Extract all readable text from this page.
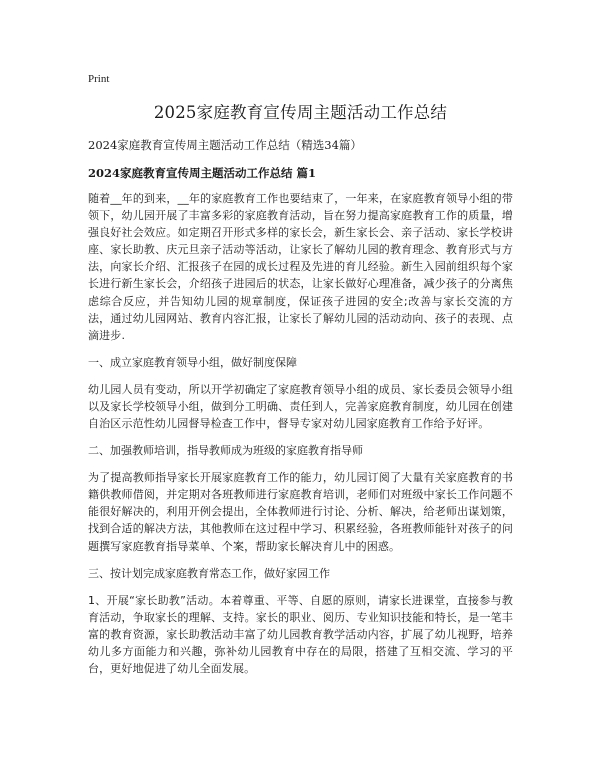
Print
2025家庭教育宣传周主题活动工作总结
2024家庭教育宣传周主题活动工作总结（精选34篇）
2024家庭教育宣传周主题活动工作总结 篇1

随着__年的到来，__年的家庭教育工作也要结束了，一年来，在家庭教育领导小组的带领下，幼儿园开展了丰富多彩的家庭教育活动，旨在努力提高家庭教育工作的质量，增强良好社会效应。如定期召开形式多样的家长会，新生家长会、亲子活动、家长学校讲座、家长助教、庆元旦亲子活动等活动，让家长了解幼儿园的教育理念、教育形式与方法，向家长介绍、汇报孩子在园的成长过程及先进的育儿经验。新生入园前组织每个家长进行新生家长会，介绍孩子进园后的状态，让家长做好心理准备，减少孩子的分离焦虑综合反应，并告知幼儿园的规章制度，保证孩子进园的安全;改善与家长交流的方法，通过幼儿园网站、教育内容汇报，让家长了解幼儿园的活动动向、孩子的表现、点滴进步.

一、成立家庭教育领导小组，做好制度保障

幼儿园人员有变动，所以开学初确定了家庭教育领导小组的成员、家长委员会领导小组以及家长学校领导小组，做到分工明确、责任到人，完善家庭教育制度，幼儿园在创建自治区示范性幼儿园督导检查工作中，督导专家对幼儿园家庭教育工作给予好评。

二、加强教师培训，指导教师成为班级的家庭教育指导师

为了提高教师指导家长开展家庭教育工作的能力，幼儿园订阅了大量有关家庭教育的书籍供教师借阅，并定期对各班教师进行家庭教育培训，老师们对班级中家长工作问题不能很好解决的，利用开例会提出，全体教师进行讨论、分析、解决，给老师出谋划策，找到合适的解决方法，其他教师在这过程中学习、积累经验，各班教师能针对孩子的问题撰写家庭教育指导菜单、个案，帮助家长解决育儿中的困惑。

三、按计划完成家庭教育常态工作，做好家园工作

1、开展“家长助教”活动。本着尊重、平等、自愿的原则，请家长进课堂，直接参与教育活动，争取家长的理解、支持。家长的职业、阅历、专业知识技能和特长，是一笔丰富的教育资源，家长助教活动丰富了幼儿园教育教学活动内容，扩展了幼儿视野，培养幼儿多方面能力和兴趣，弥补幼儿园教育中存在的局限，搭建了互相交流、学习的平台，更好地促进了幼儿全面发展。
